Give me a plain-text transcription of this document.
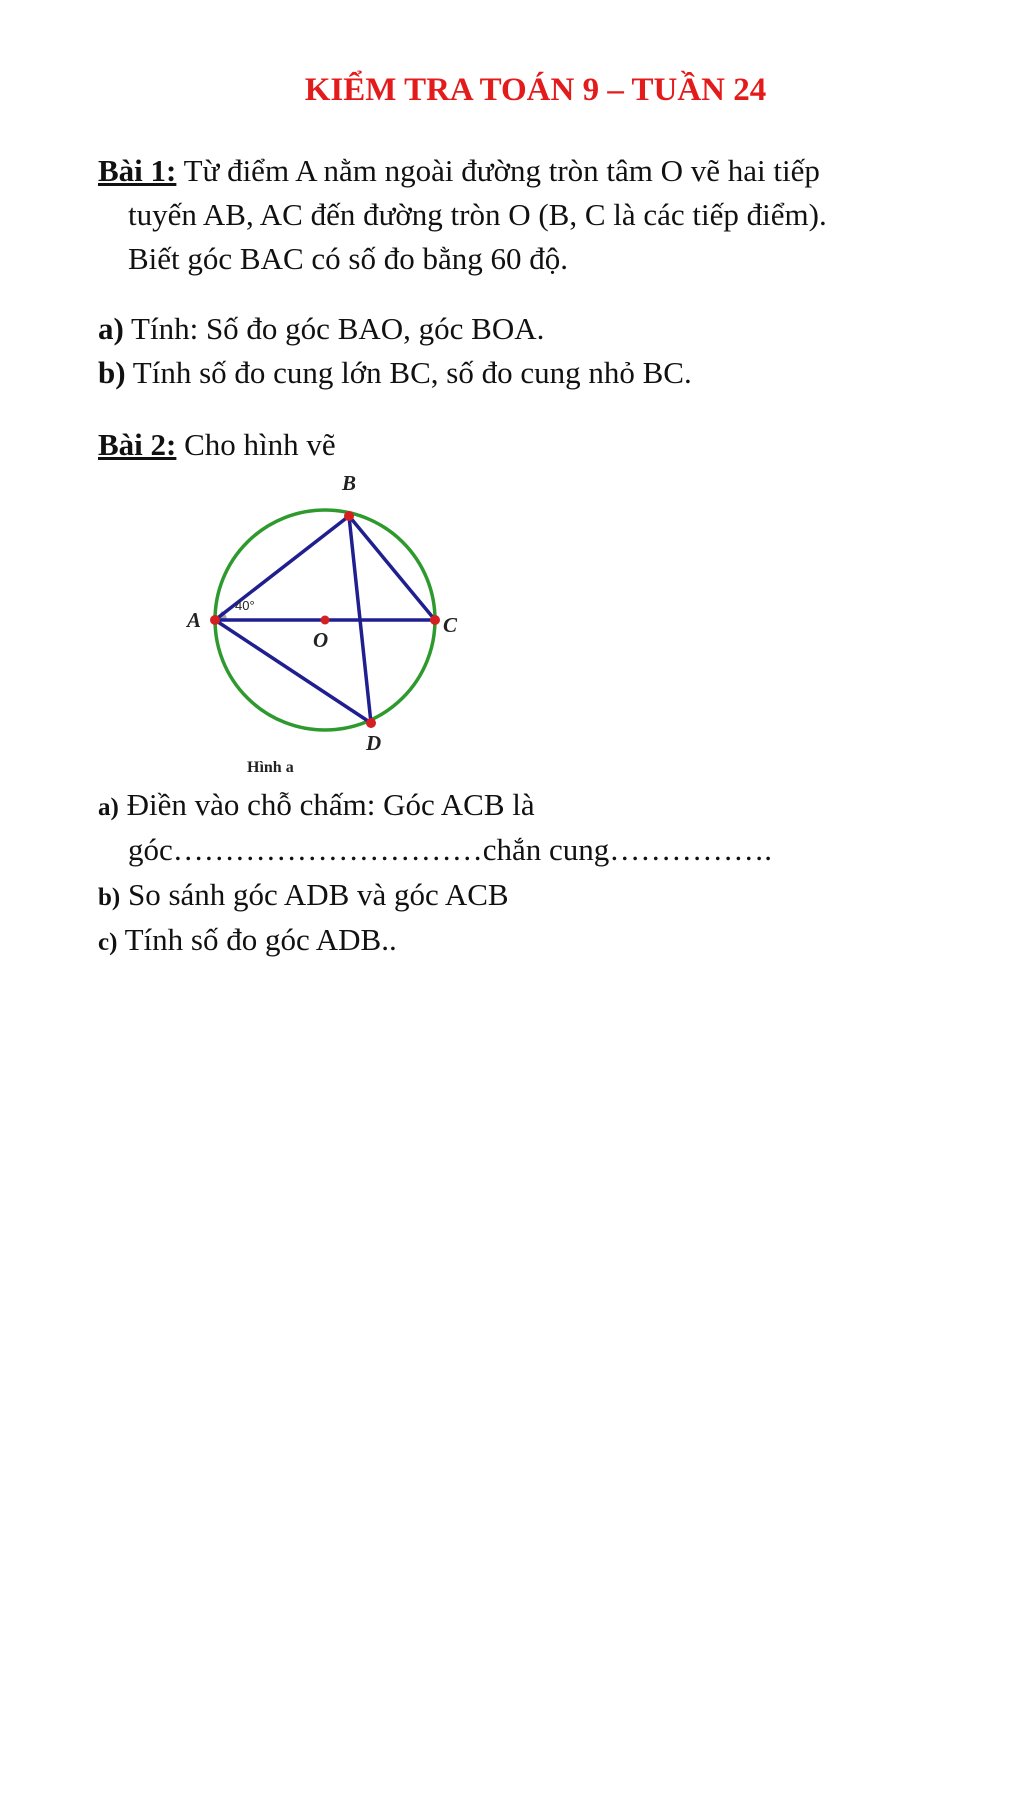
KIỂM TRA TOÁN 9 – TUẦN 24
Bài 1: Từ điểm A nằm ngoài đường tròn tâm O vẽ hai tiếp
tuyến AB, AC đến đường tròn O (B, C là các tiếp điểm).
Biết góc BAC có số đo bằng 60 độ.
a) Tính: Số đo góc BAO, góc BOA.
b) Tính số đo cung lớn BC, số đo cung nhỏ BC.
Bài 2: Cho hình vẽ
B
A
O
C
D
40°
Hình a
a) Điền vào chỗ chấm: Góc ACB là
góc…………………………chắn cung…………….
b) So sánh góc ADB và góc ACB
c) Tính số đo góc ADB..
